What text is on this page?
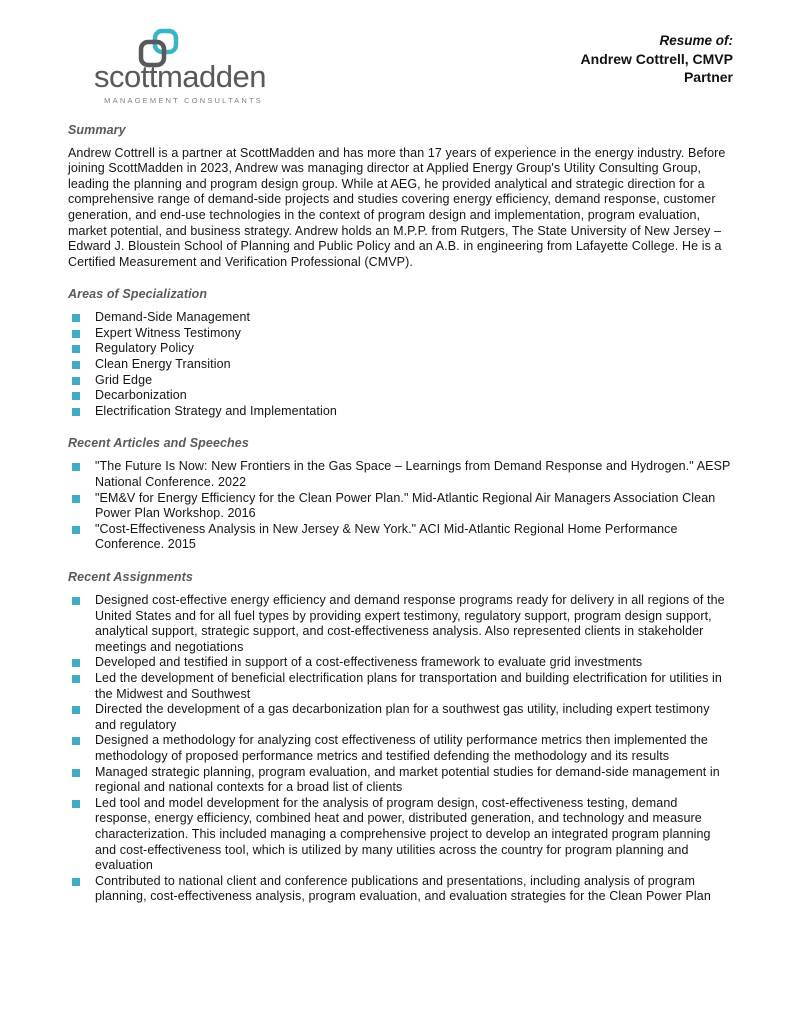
scottmadden
MANAGEMENT CONSULTANTS
Resume of:
Andrew Cottrell, CMVP
Partner
Summary

Andrew Cottrell is a partner at ScottMadden and has more than 17 years of experience in the energy industry. Before joining ScottMadden in 2023, Andrew was managing director at Applied Energy Group's Utility Consulting Group, leading the planning and program design group. While at AEG, he provided analytical and strategic direction for a comprehensive range of demand-side projects and studies covering energy efficiency, demand response, customer generation, and end-use technologies in the context of program design and implementation, program evaluation, market potential, and business strategy. Andrew holds an M.P.P. from Rutgers, The State University of New Jersey – Edward J. Bloustein School of Planning and Public Policy and an A.B. in engineering from Lafayette College. He is a Certified Measurement and Verification Professional (CMVP).

Areas of Specialization
Demand-Side Management
Expert Witness Testimony
Regulatory Policy
Clean Energy Transition
Grid Edge
Decarbonization
Electrification Strategy and Implementation
Recent Articles and Speeches
"The Future Is Now: New Frontiers in the Gas Space – Learnings from Demand Response and Hydrogen." AESP National Conference. 2022
"EM&V for Energy Efficiency for the Clean Power Plan." Mid-Atlantic Regional Air Managers Association Clean Power Plan Workshop. 2016
"Cost-Effectiveness Analysis in New Jersey & New York." ACI Mid-Atlantic Regional Home Performance Conference. 2015
Recent Assignments
Designed cost-effective energy efficiency and demand response programs ready for delivery in all regions of the United States and for all fuel types by providing expert testimony, regulatory support, program design support, analytical support, strategic support, and cost-effectiveness analysis. Also represented clients in stakeholder meetings and negotiations
Developed and testified in support of a cost-effectiveness framework to evaluate grid investments
Led the development of beneficial electrification plans for transportation and building electrification for utilities in the Midwest and Southwest
Directed the development of a gas decarbonization plan for a southwest gas utility, including expert testimony and regulatory
Designed a methodology for analyzing cost effectiveness of utility performance metrics then implemented the methodology of proposed performance metrics and testified defending the methodology and its results
Managed strategic planning, program evaluation, and market potential studies for demand-side management in regional and national contexts for a broad list of clients
Led tool and model development for the analysis of program design, cost-effectiveness testing, demand response, energy efficiency, combined heat and power, distributed generation, and technology and measure characterization. This included managing a comprehensive project to develop an integrated program planning and cost-effectiveness tool, which is utilized by many utilities across the country for program planning and evaluation
Contributed to national client and conference publications and presentations, including analysis of program planning, cost-effectiveness analysis, program evaluation, and evaluation strategies for the Clean Power Plan
